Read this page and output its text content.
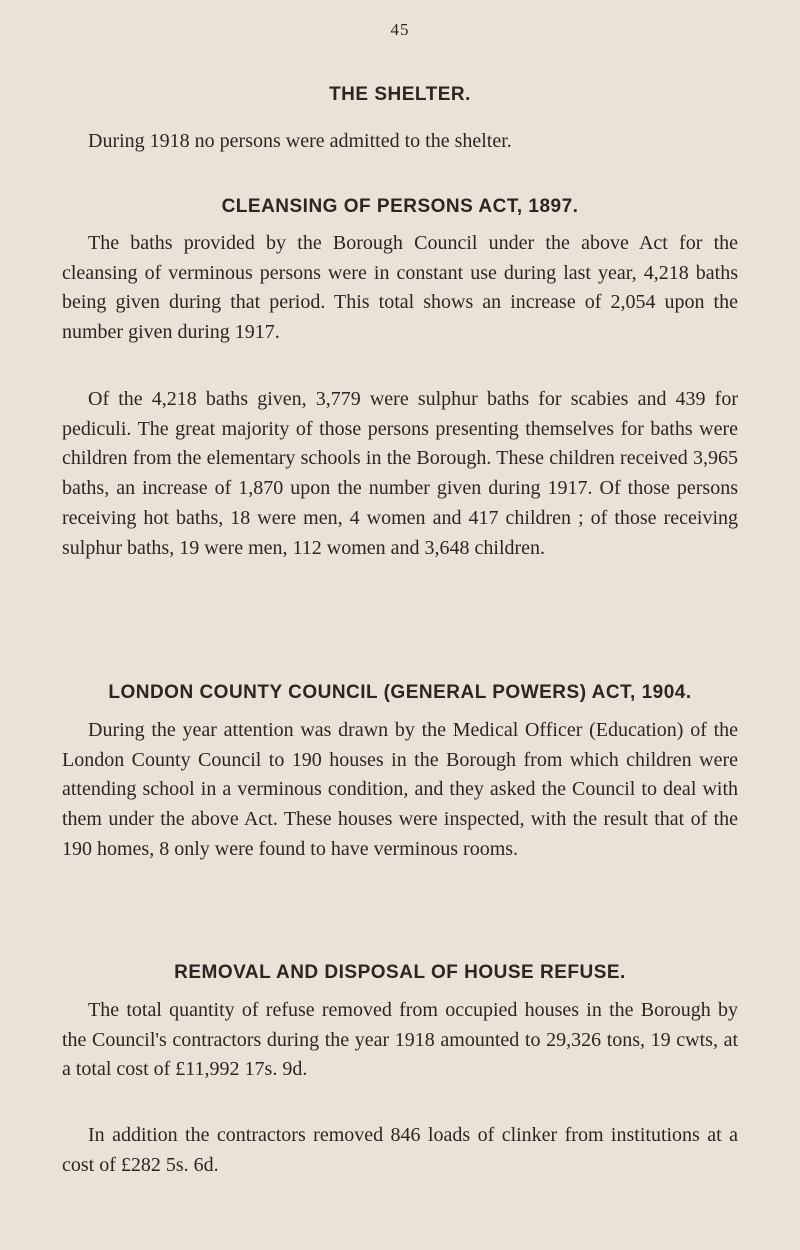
45
THE SHELTER.

During 1918 no persons were admitted to the shelter.

CLEANSING OF PERSONS ACT, 1897.

The baths provided by the Borough Council under the above Act for the cleansing of verminous persons were in constant use during last year, 4,218 baths being given during that period. This total shows an increase of 2,054 upon the number given during 1917.

Of the 4,218 baths given, 3,779 were sulphur baths for scabies and 439 for pediculi. The great majority of those persons presenting themselves for baths were children from the elementary schools in the Borough. These children received 3,965 baths, an increase of 1,870 upon the number given during 1917. Of those persons receiving hot baths, 18 were men, 4 women and 417 children ; of those receiving sulphur baths, 19 were men, 112 women and 3,648 children.

LONDON COUNTY COUNCIL (GENERAL POWERS) ACT, 1904.

During the year attention was drawn by the Medical Officer (Education) of the London County Council to 190 houses in the Borough from which children were attending school in a verminous condition, and they asked the Council to deal with them under the above Act. These houses were inspected, with the result that of the 190 homes, 8 only were found to have verminous rooms.

REMOVAL AND DISPOSAL OF HOUSE REFUSE.

The total quantity of refuse removed from occupied houses in the Borough by the Council's contractors during the year 1918 amounted to 29,326 tons, 19 cwts, at a total cost of £11,992 17s. 9d.

In addition the contractors removed 846 loads of clinker from institutions at a cost of £282 5s. 6d.
